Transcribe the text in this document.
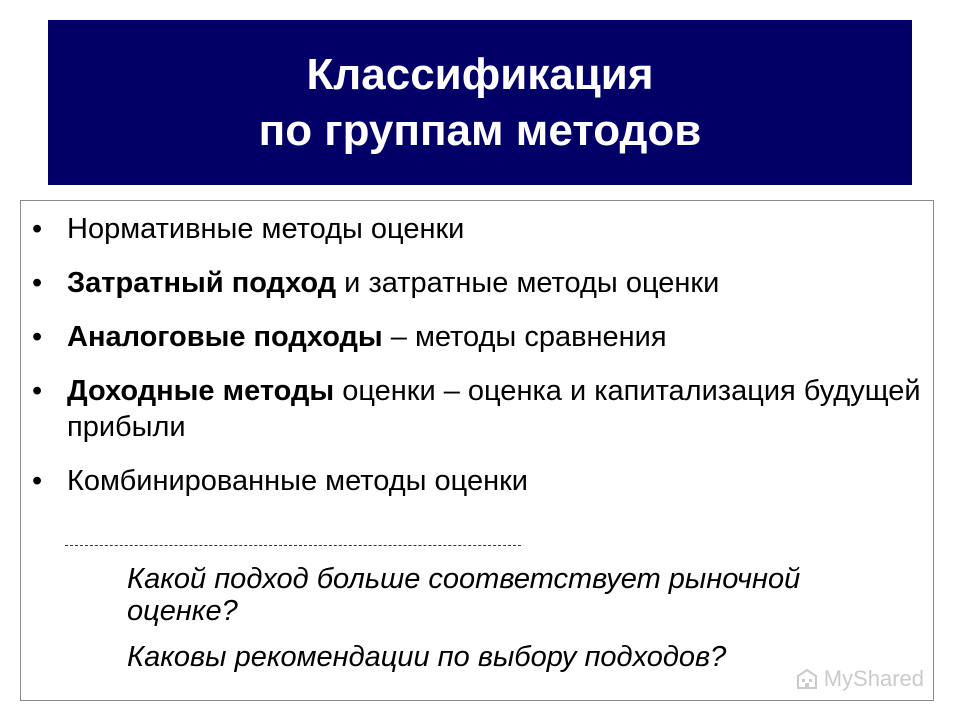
Классификация
по группам методов
• Нормативные методы оценки
• Затратный подход и затратные методы оценки
• Аналоговые подходы – методы сравнения
• Доходные методы оценки – оценка и капитализация будущей прибыли
• Комбинированные методы оценки
Какой подход больше соответствует рыночной оценке?
Каковы рекомендации по выбору подходов?
MyShared
